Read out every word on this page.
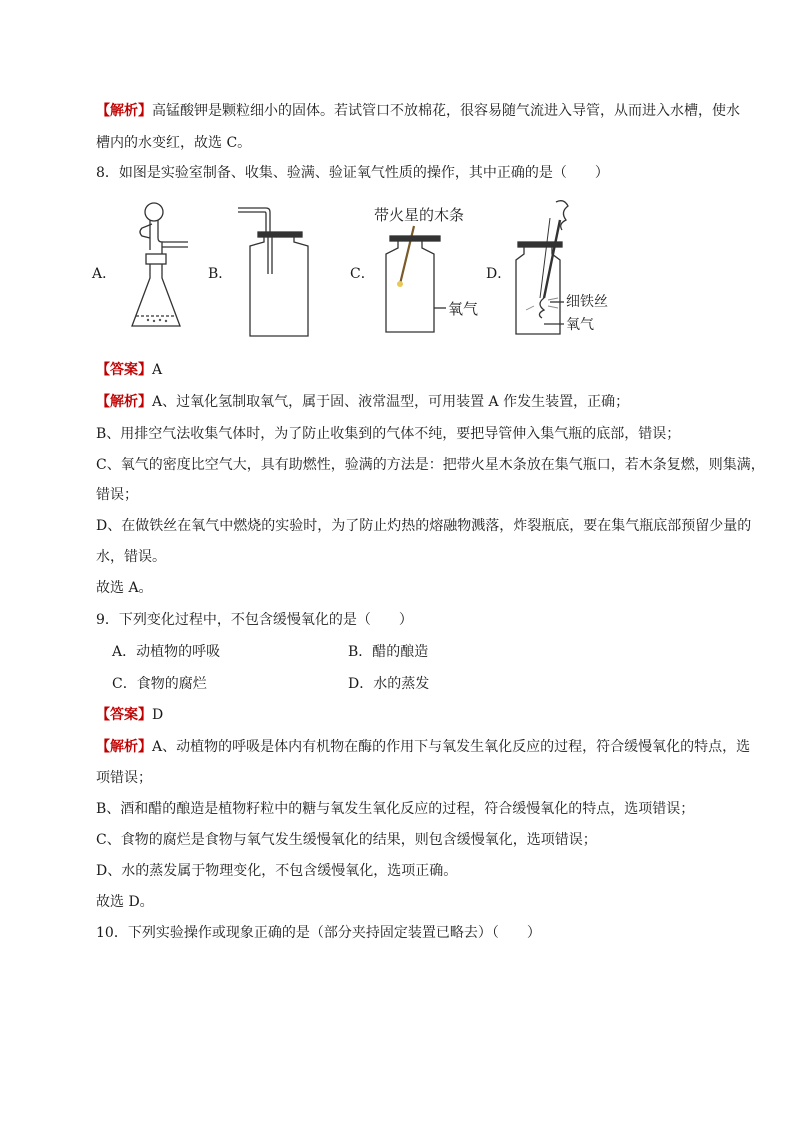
【解析】高锰酸钾是颗粒细小的固体。若试管口不放棉花，很容易随气流进入导管，从而进入水槽，使水
槽内的水变红，故选 C。
8．如图是实验室制备、收集、验满、验证氧气性质的操作，其中正确的是（　　）
A．	B．	C．	D．
带火星的木条
氧气	细铁丝
氧气
【答案】A
【解析】A、过氧化氢制取氧气，属于固、液常温型，可用装置 A 作发生装置，正确；
B、用排空气法收集气体时，为了防止收集到的气体不纯，要把导管伸入集气瓶的底部，错误；
C、氧气的密度比空气大，具有助燃性，验满的方法是：把带火星木条放在集气瓶口，若木条复燃，则集满，
错误；
D、在做铁丝在氧气中燃烧的实验时，为了防止灼热的熔融物溅落，炸裂瓶底，要在集气瓶底部预留少量的
水，错误。
故选 A。
9．下列变化过程中，不包含缓慢氧化的是（　　）
A．动植物的呼吸	B．醋的酿造
C．食物的腐烂	D．水的蒸发
【答案】D
【解析】A、动植物的呼吸是体内有机物在酶的作用下与氧发生氧化反应的过程，符合缓慢氧化的特点，选
项错误；
B、酒和醋的酿造是植物籽粒中的糖与氧发生氧化反应的过程，符合缓慢氧化的特点，选项错误；
C、食物的腐烂是食物与氧气发生缓慢氧化的结果，则包含缓慢氧化，选项错误；
D、水的蒸发属于物理变化，不包含缓慢氧化，选项正确。
故选 D。
10．下列实验操作或现象正确的是（部分夹持固定装置已略去）（　　）
